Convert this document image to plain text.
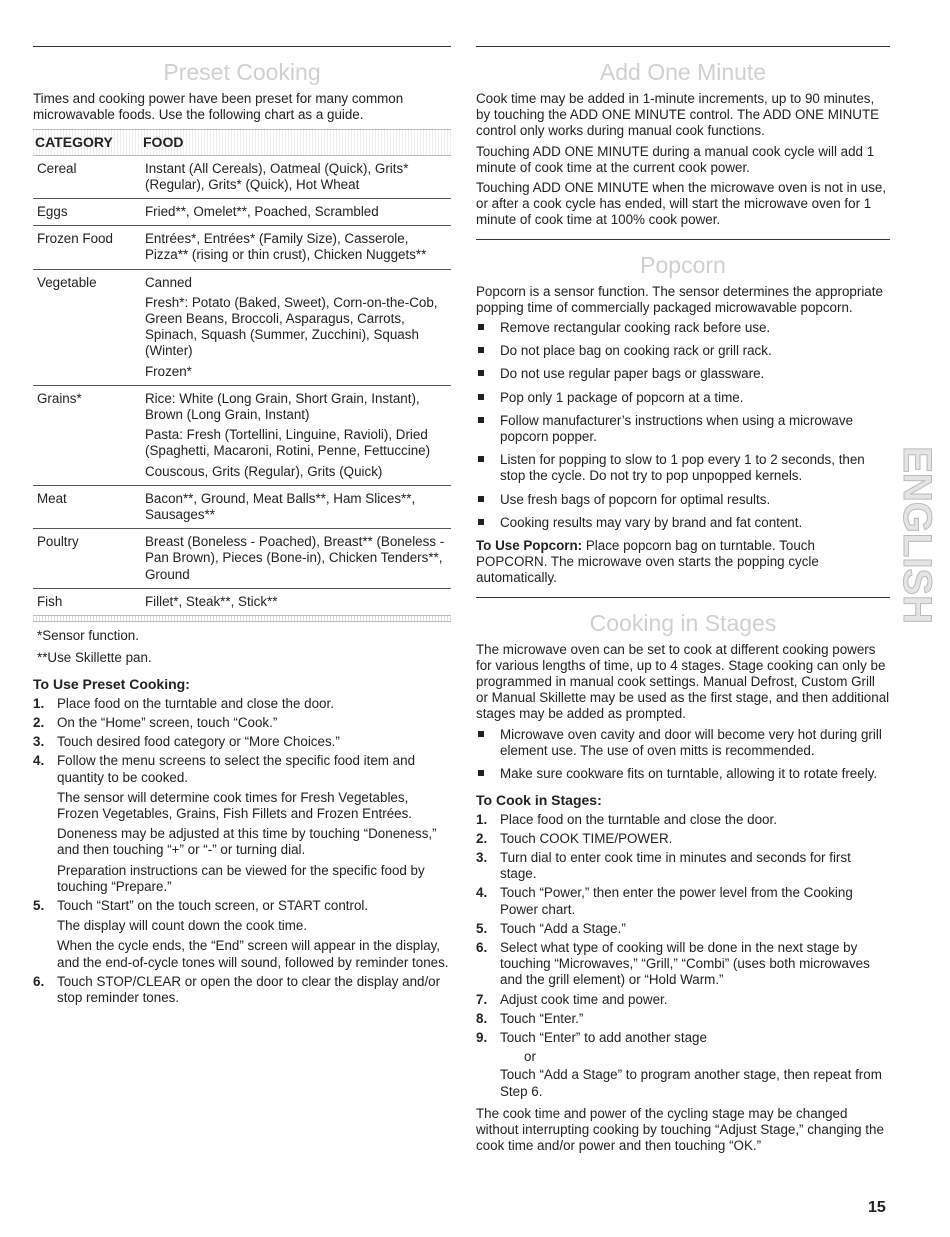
Preset Cooking

Times and cooking power have been preset for many common microwavable foods. Use the following chart as a guide.

CATEGORY	FOOD
Cereal	Instant (All Cereals), Oatmeal (Quick), Grits* (Regular), Grits* (Quick), Hot Wheat

Eggs	Fried**, Omelet**, Poached, Scrambled

Frozen Food	Entrées*, Entrées* (Family Size), Casserole, Pizza** (rising or thin crust), Chicken Nuggets**

Vegetable	Canned
Fresh*: Potato (Baked, Sweet), Corn-on-the-Cob, Green Beans, Broccoli, Asparagus, Carrots, Spinach, Squash (Summer, Zucchini), Squash (Winter)
Frozen*

Grains*	Rice: White (Long Grain, Short Grain, Instant), Brown (Long Grain, Instant)
Pasta: Fresh (Tortellini, Linguine, Ravioli), Dried (Spaghetti, Macaroni, Rotini, Penne, Fettuccine)
Couscous, Grits (Regular), Grits (Quick)

Meat	Bacon**, Ground, Meat Balls**, Ham Slices**, Sausages**

Poultry	Breast (Boneless - Poached), Breast** (Boneless - Pan Brown), Pieces (Bone-in), Chicken Tenders**, Ground

Fish	Fillet*, Steak**, Stick**

*Sensor function.

**Use Skillette pan.

To Use Preset Cooking:
1. Place food on the turntable and close the door.
2. On the “Home” screen, touch “Cook.”
3. Touch desired food category or “More Choices.”
4. Follow the menu screens to select the specific food item and quantity to be cooked.
The sensor will determine cook times for Fresh Vegetables, Frozen Vegetables, Grains, Fish Fillets and Frozen Entrées.
Doneness may be adjusted at this time by touching “Doneness,” and then touching “+” or “-” or turning dial.
Preparation instructions can be viewed for the specific food by touching “Prepare.”
5. Touch “Start” on the touch screen, or START control.
The display will count down the cook time.
When the cycle ends, the “End” screen will appear in the display, and the end-of-cycle tones will sound, followed by reminder tones.
6. Touch STOP/CLEAR or open the door to clear the display and/or stop reminder tones.
Add One Minute

Cook time may be added in 1-minute increments, up to 90 minutes, by touching the ADD ONE MINUTE control. The ADD ONE MINUTE control only works during manual cook functions.

Touching ADD ONE MINUTE during a manual cook cycle will add 1 minute of cook time at the current cook power.

Touching ADD ONE MINUTE when the microwave oven is not in use, or after a cook cycle has ended, will start the microwave oven for 1 minute of cook time at 100% cook power.

Popcorn

Popcorn is a sensor function. The sensor determines the appropriate popping time of commercially packaged microwavable popcorn.

Remove rectangular cooking rack before use.
Do not place bag on cooking rack or grill rack.
Do not use regular paper bags or glassware.
Pop only 1 package of popcorn at a time.
Follow manufacturer’s instructions when using a microwave popcorn popper.
Listen for popping to slow to 1 pop every 1 to 2 seconds, then stop the cycle. Do not try to pop unpopped kernels.
Use fresh bags of popcorn for optimal results.
Cooking results may vary by brand and fat content.

To Use Popcorn: Place popcorn bag on turntable. Touch POPCORN. The microwave oven starts the popping cycle automatically.

Cooking in Stages

The microwave oven can be set to cook at different cooking powers for various lengths of time, up to 4 stages. Stage cooking can only be programmed in manual cook settings. Manual Defrost, Custom Grill or Manual Skillette may be used as the first stage, and then additional stages may be added as prompted.

Microwave oven cavity and door will become very hot during grill element use. The use of oven mitts is recommended.
Make sure cookware fits on turntable, allowing it to rotate freely.
To Cook in Stages:
1. Place food on the turntable and close the door.
2. Touch COOK TIME/POWER.
3. Turn dial to enter cook time in minutes and seconds for first stage.
4. Touch “Power,” then enter the power level from the Cooking Power chart.
5. Touch “Add a Stage.”
6. Select what type of cooking will be done in the next stage by touching “Microwaves,” “Grill,” “Combi” (uses both microwaves and the grill element) or “Hold Warm.”
7. Adjust cook time and power.
8. Touch “Enter.”
9. Touch “Enter” to add another stage
or
Touch “Add a Stage” to program another stage, then repeat from Step 6.

The cook time and power of the cycling stage may be changed without interrupting cooking by touching “Adjust Stage,” changing the cook time and/or power and then touching “OK.”

ENGLISH
15
